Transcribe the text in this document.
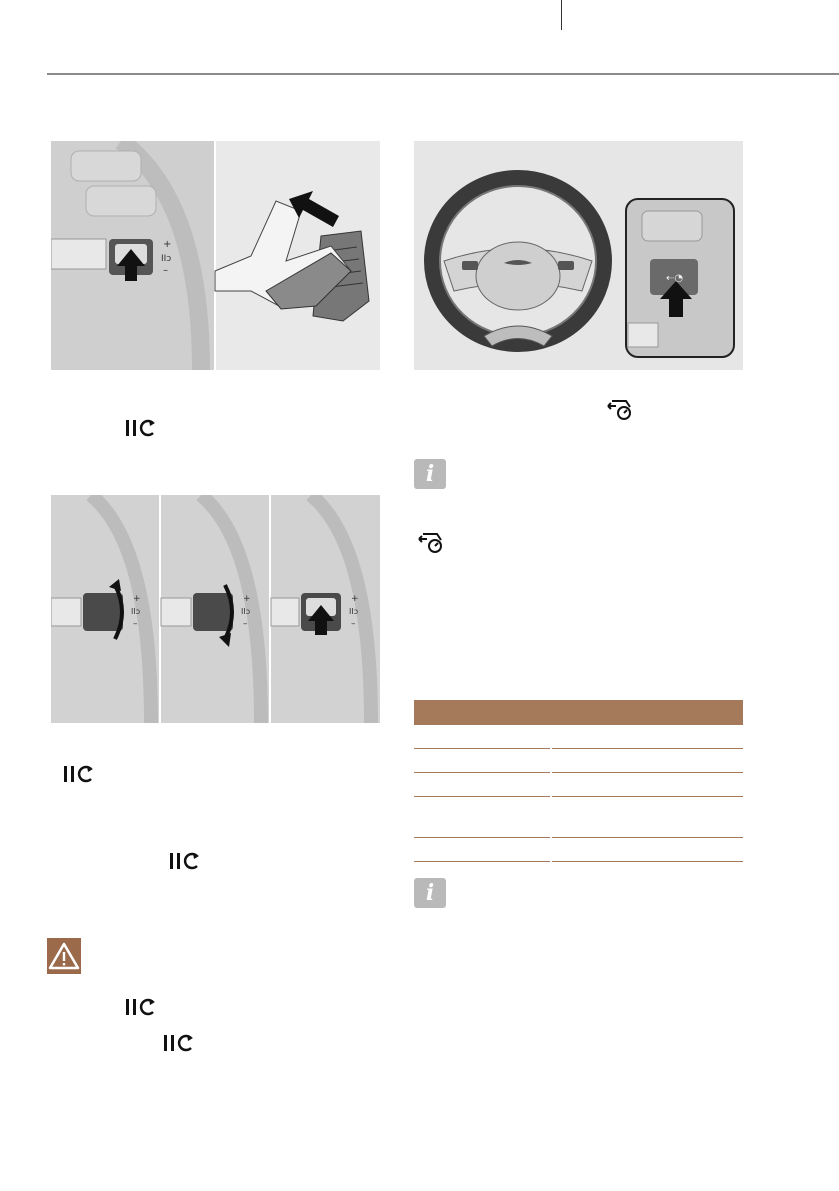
+
IIↄ
–
+
IIↄ
–
+
IIↄ
–
+
IIↄ
–
⇠◔
i

i
